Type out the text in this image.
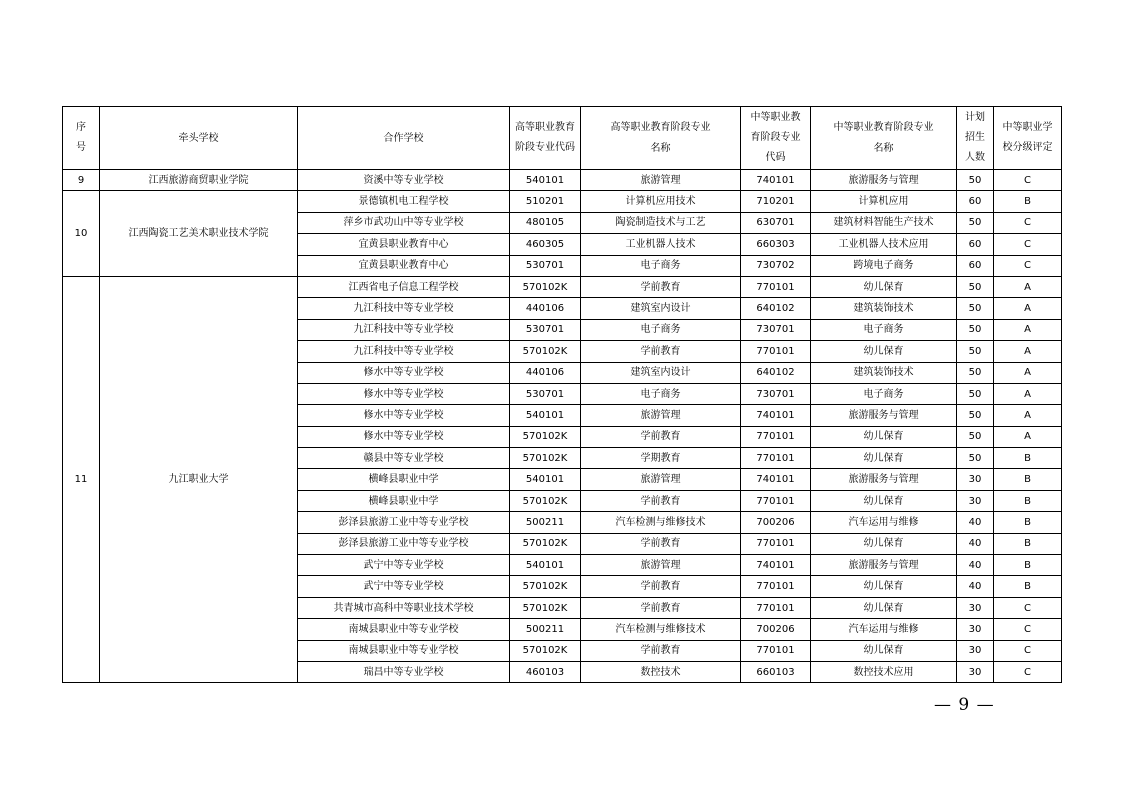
序号	牵头学校	合作学校	高等职业教育阶段专业代码	高等职业教育阶段专业名称	中等职业教育阶段专业代码	中等职业教育阶段专业名称	计划招生人数	中等职业学校分级评定
9	江西旅游商贸职业学院	资溪中等专业学校	540101	旅游管理	740101	旅游服务与管理	50	C
10	江西陶瓷工艺美术职业技术学院	景德镇机电工程学校	510201	计算机应用技术	710201	计算机应用	60	B
		萍乡市武功山中等专业学校	480105	陶瓷制造技术与工艺	630701	建筑材料智能生产技术	50	C
		宜黄县职业教育中心	460305	工业机器人技术	660303	工业机器人技术应用	60	C
		宜黄县职业教育中心	530701	电子商务	730702	跨境电子商务	60	C
11	九江职业大学	江西省电子信息工程学校	570102K	学前教育	770101	幼儿保育	50	A
		九江科技中等专业学校	440106	建筑室内设计	640102	建筑装饰技术	50	A
		九江科技中等专业学校	530701	电子商务	730701	电子商务	50	A
		九江科技中等专业学校	570102K	学前教育	770101	幼儿保育	50	A
		修水中等专业学校	440106	建筑室内设计	640102	建筑装饰技术	50	A
		修水中等专业学校	530701	电子商务	730701	电子商务	50	A
		修水中等专业学校	540101	旅游管理	740101	旅游服务与管理	50	A
		修水中等专业学校	570102K	学前教育	770101	幼儿保育	50	A
		赣县中等专业学校	570102K	学期教育	770101	幼儿保育	50	B
		横峰县职业中学	540101	旅游管理	740101	旅游服务与管理	30	B
		横峰县职业中学	570102K	学前教育	770101	幼儿保育	30	B
		彭泽县旅游工业中等专业学校	500211	汽车检测与维修技术	700206	汽车运用与维修	40	B
		彭泽县旅游工业中等专业学校	570102K	学前教育	770101	幼儿保育	40	B
		武宁中等专业学校	540101	旅游管理	740101	旅游服务与管理	40	B
		武宁中等专业学校	570102K	学前教育	770101	幼儿保育	40	B
		共青城市高科中等职业技术学校	570102K	学前教育	770101	幼儿保育	30	C
		南城县职业中等专业学校	500211	汽车检测与维修技术	700206	汽车运用与维修	30	C
		南城县职业中等专业学校	570102K	学前教育	770101	幼儿保育	30	C
		瑞昌中等专业学校	460103	数控技术	660103	数控技术应用	30	C
— 9 —
